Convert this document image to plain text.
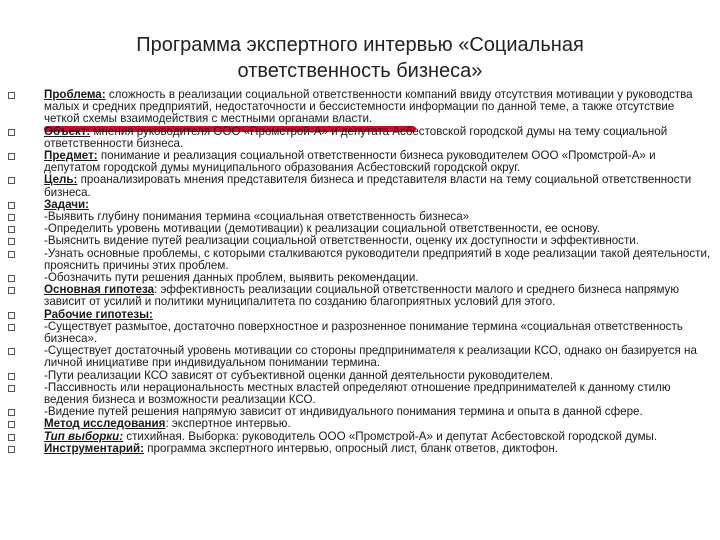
Программа экспертного интервью «Социальная
ответственность бизнеса»
Проблема: сложность в реализации социальной ответственности компаний ввиду отсутствия мотивации у руководства малых и средних предприятий, недостаточности и бессистемности информации по данной теме, а также отсутствие четкой схемы взаимодействия с местными органами власти.
Объект: мнения руководителя ООО «Промстрой-А» и депутата Асбестовской городской думы на тему социальной ответственности бизнеса.
Предмет: понимание и реализация социальной ответственности бизнеса руководителем ООО «Промстрой-А» и депутатом городской думы муниципального образования Асбестовский городской округ.
Цель: проанализировать мнения представителя бизнеса и представителя власти на тему социальной ответственности бизнеса.
Задачи:
-Выявить глубину понимания термина «социальная ответственность бизнеса»
-Определить уровень мотивации (демотивации) к реализации социальной ответственности, ее основу.
-Выяснить видение путей реализации социальной ответственности, оценку их доступности и эффективности.
-Узнать основные проблемы, с которыми сталкиваются руководители предприятий в ходе реализации такой деятельности, прояснить причины этих проблем.
-Обозначить пути решения данных проблем, выявить рекомендации.
Основная гипотеза: эффективность реализации социальной ответственности малого и среднего бизнеса напрямую зависит от усилий и политики муниципалитета по созданию благоприятных условий для этого.
Рабочие гипотезы:
-Существует размытое, достаточно поверхностное и разрозненное понимание термина «социальная ответственность бизнеса».
-Существует достаточный уровень мотивации со стороны предпринимателя к реализации КСО, однако он базируется на личной инициативе при индивидуальном понимании термина.
-Пути реализации КСО зависят от субъективной оценки данной деятельности руководителем.
-Пассивность или нерациональность местных властей определяют отношение предпринимателей к данному стилю ведения бизнеса и возможности реализации КСО.
-Видение путей решения напрямую зависит от индивидуального понимания термина и опыта в данной сфере.
Метод исследования: экспертное интервью.
Тип выборки: стихийная. Выборка: руководитель ООО «Промстрой-А» и депутат Асбестовской городской думы.
Инструментарий: программа экспертного интервью, опросный лист, бланк ответов, диктофон.
